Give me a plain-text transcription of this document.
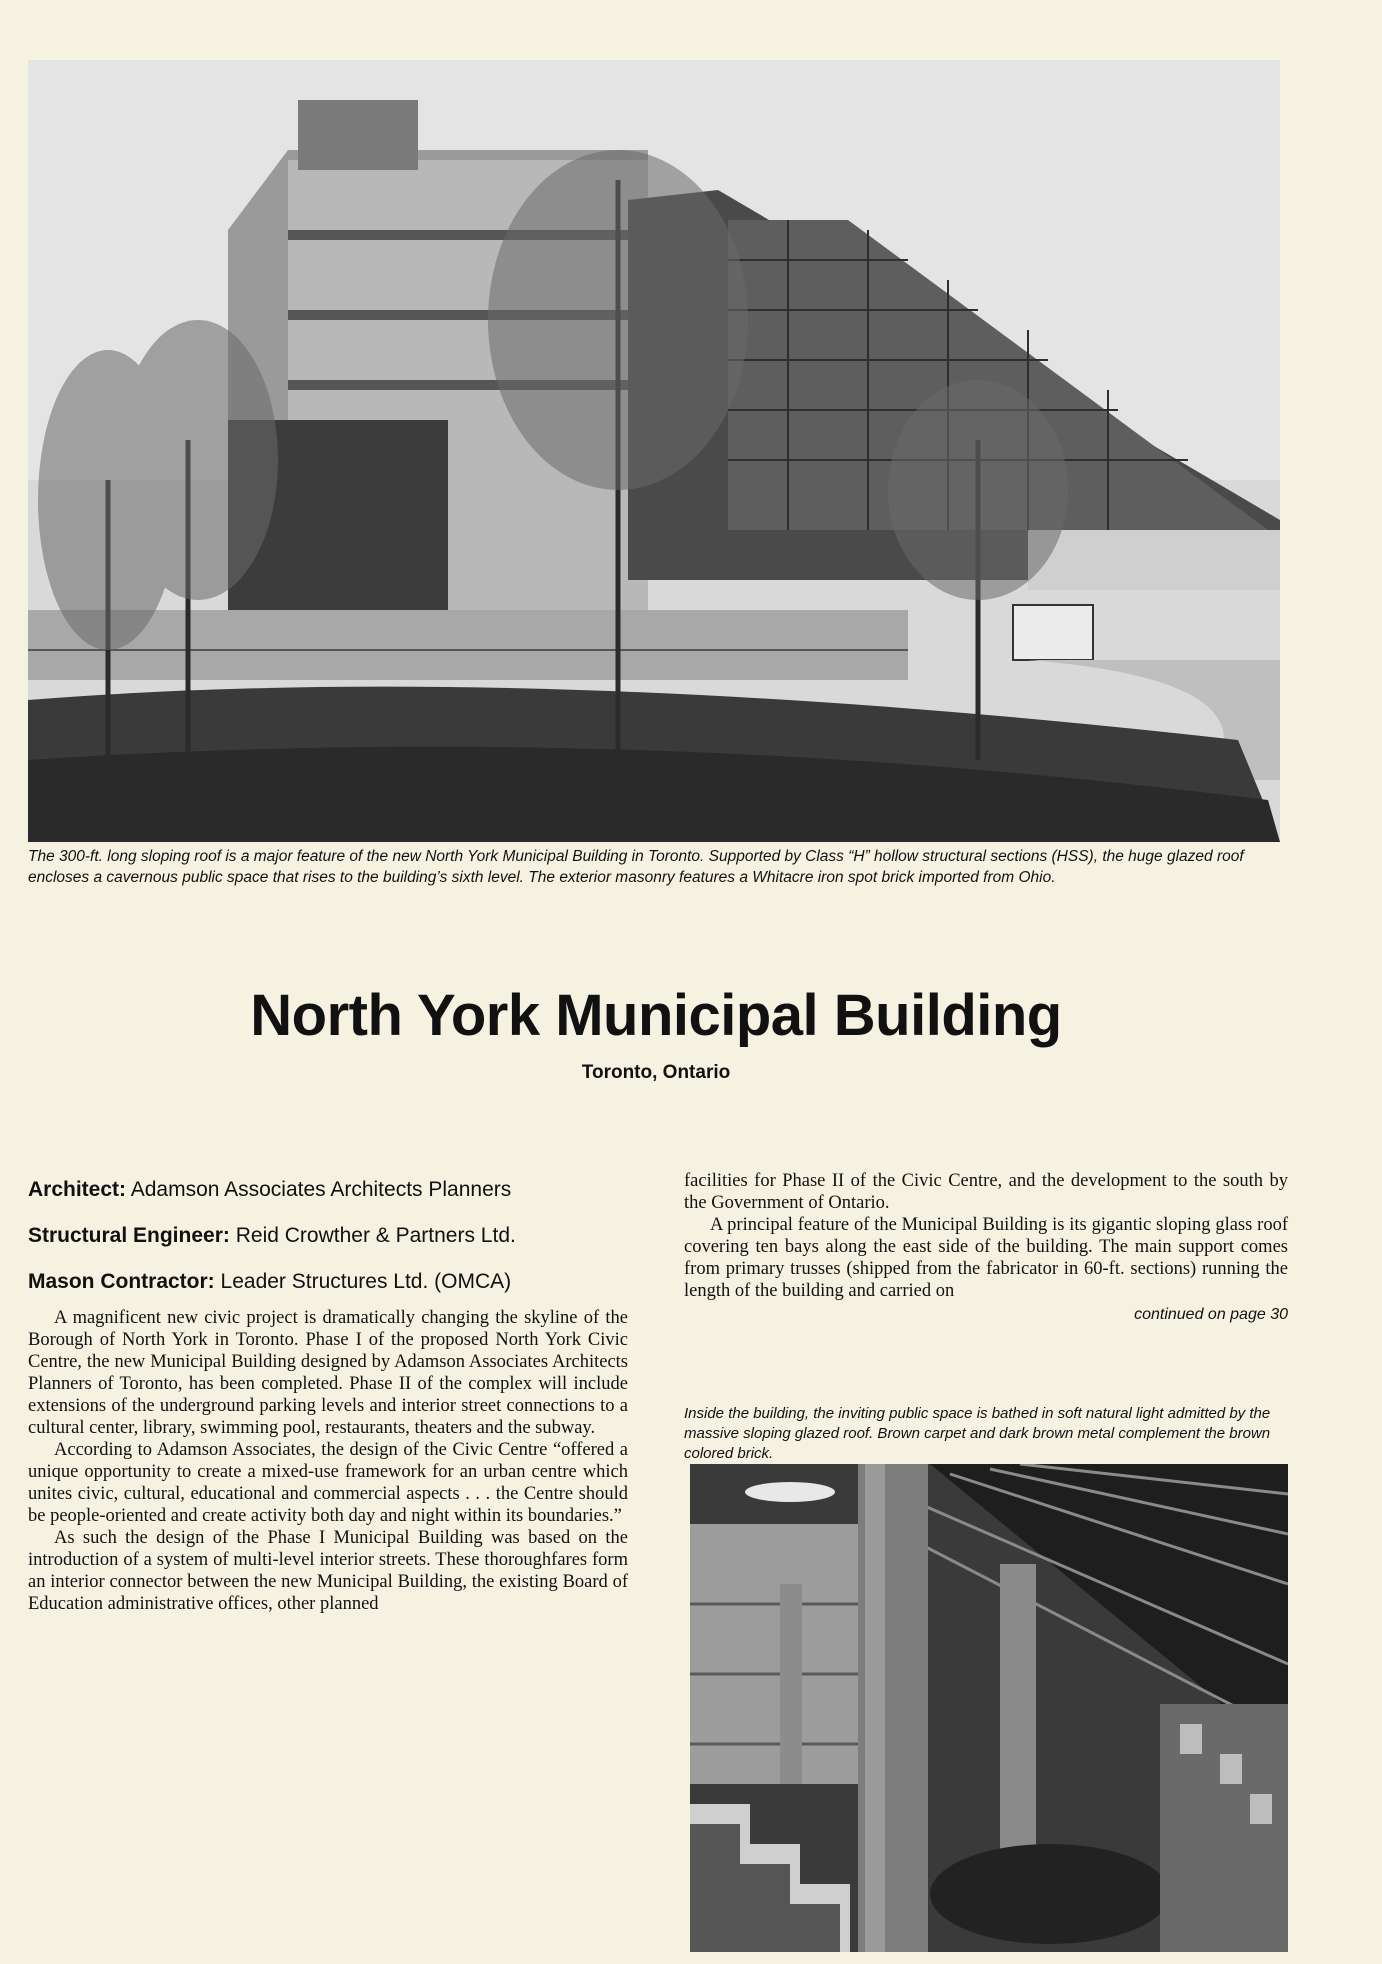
The 300-ft. long sloping roof is a major feature of the new North York Municipal Building in Toronto. Supported by Class “H” hollow structural sections (HSS), the huge glazed roof encloses a cavernous public space that rises to the building’s sixth level. The exterior masonry features a Whitacre iron spot brick imported from Ohio.
North York Municipal Building
Toronto, Ontario
Architect: Adamson Associates Architects Planners
Structural Engineer: Reid Crowther & Partners Ltd.
Mason Contractor: Leader Structures Ltd. (OMCA)

A magnificent new civic project is dramatically changing the skyline of the Borough of North York in Toronto. Phase I of the proposed North York Civic Centre, the new Municipal Building designed by Adamson Associates Architects Planners of Toronto, has been completed. Phase II of the complex will include extensions of the underground parking levels and interior street connections to a cultural center, library, swimming pool, restaurants, theaters and the subway.

According to Adamson Associates, the design of the Civic Centre “offered a unique opportunity to create a mixed-use framework for an urban centre which unites civic, cultural, educational and commercial aspects . . . the Centre should be people-oriented and create activity both day and night within its boundaries.”

As such the design of the Phase I Municipal Building was based on the introduction of a system of multi-level interior streets. These thoroughfares form an interior connector between the new Municipal Building, the existing Board of Education administrative offices, other planned

facilities for Phase II of the Civic Centre, and the development to the south by the Government of Ontario.

A principal feature of the Municipal Building is its gigantic sloping glass roof covering ten bays along the east side of the building. The main support comes from primary trusses (shipped from the fabricator in 60-ft. sections) running the length of the building and carried on

continued on page 30
Inside the building, the inviting public space is bathed in soft natural light admitted by the massive sloping glazed roof. Brown carpet and dark brown metal complement the brown colored brick.
